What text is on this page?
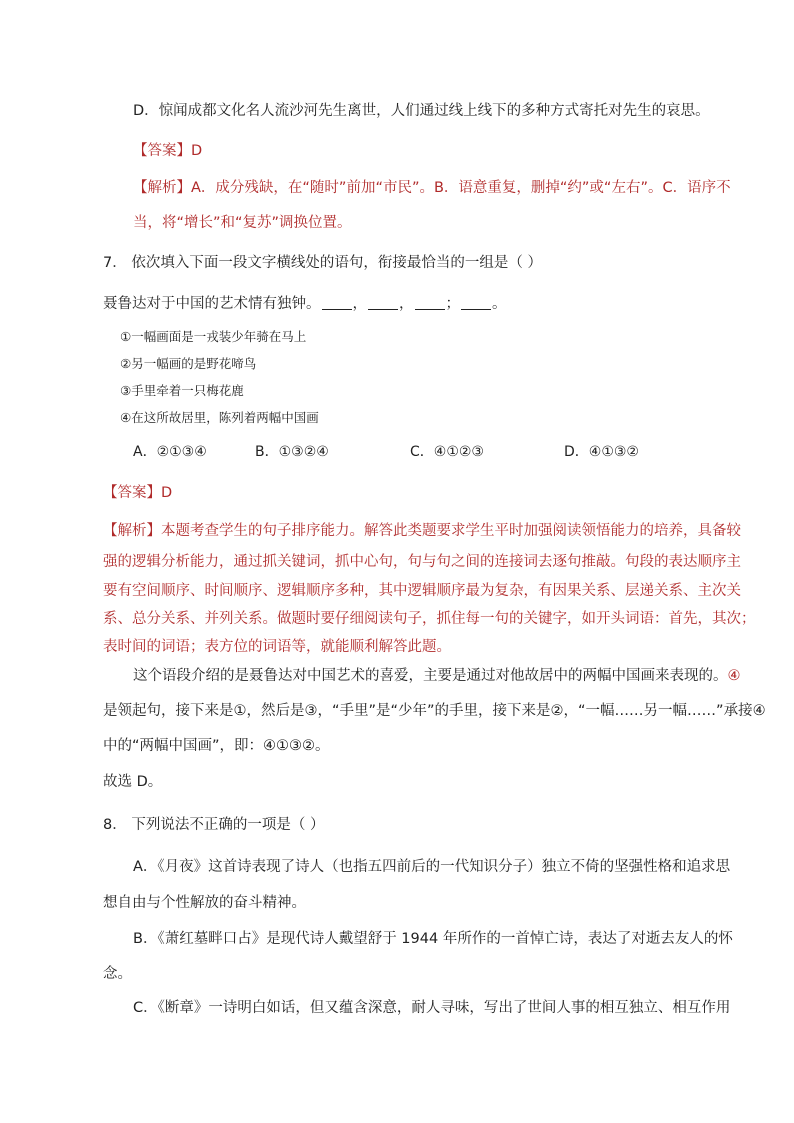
D．惊闻成都文化名人流沙河先生离世，人们通过线上线下的多种方式寄托对先生的哀思。
【答案】D
【解析】A．成分残缺，在“随时”前加“市民”。B．语意重复，删掉“约”或“左右”。C．语序不
当，将“增长”和“复苏”调换位置。
7． 依次填入下面一段文字横线处的语句，衔接最恰当的一组是（ ）
聂鲁达对于中国的艺术情有独钟。 ， ， ； 。
①一幅画面是一戎装少年骑在马上
②另一幅画的是野花啼鸟
③手里牵着一只梅花鹿
④在这所故居里，陈列着两幅中国画
A．②①③④	B．①③②④	C．④①②③	D．④①③②
【答案】D
【解析】本题考查学生的句子排序能力。解答此类题要求学生平时加强阅读领悟能力的培养，具备较
强的逻辑分析能力，通过抓关键词，抓中心句，句与句之间的连接词去逐句推敲。句段的表达顺序主
要有空间顺序、时间顺序、逻辑顺序多种，其中逻辑顺序最为复杂，有因果关系、层递关系、主次关
系、总分关系、并列关系。做题时要仔细阅读句子，抓住每一句的关键字，如开头词语：首先，其次；
表时间的词语；表方位的词语等，就能顺利解答此题。
这个语段介绍的是聂鲁达对中国艺术的喜爱，主要是通过对他故居中的两幅中国画来表现的。④
是领起句，接下来是①，然后是③，“手里”是“少年”的手里，接下来是②，“一幅……另一幅……”承接④
中的“两幅中国画”，即：④①③②。
故选 D。
8． 下列说法不正确的一项是（ ）
A．《月夜》这首诗表现了诗人（也指五四前后的一代知识分子）独立不倚的坚强性格和追求思
想自由与个性解放的奋斗精神。
B．《萧红墓畔口占》是现代诗人戴望舒于 1944 年所作的一首悼亡诗，表达了对逝去友人的怀
念。
C．《断章》一诗明白如话，但又蕴含深意，耐人寻味，写出了世间人事的相互独立、相互作用
